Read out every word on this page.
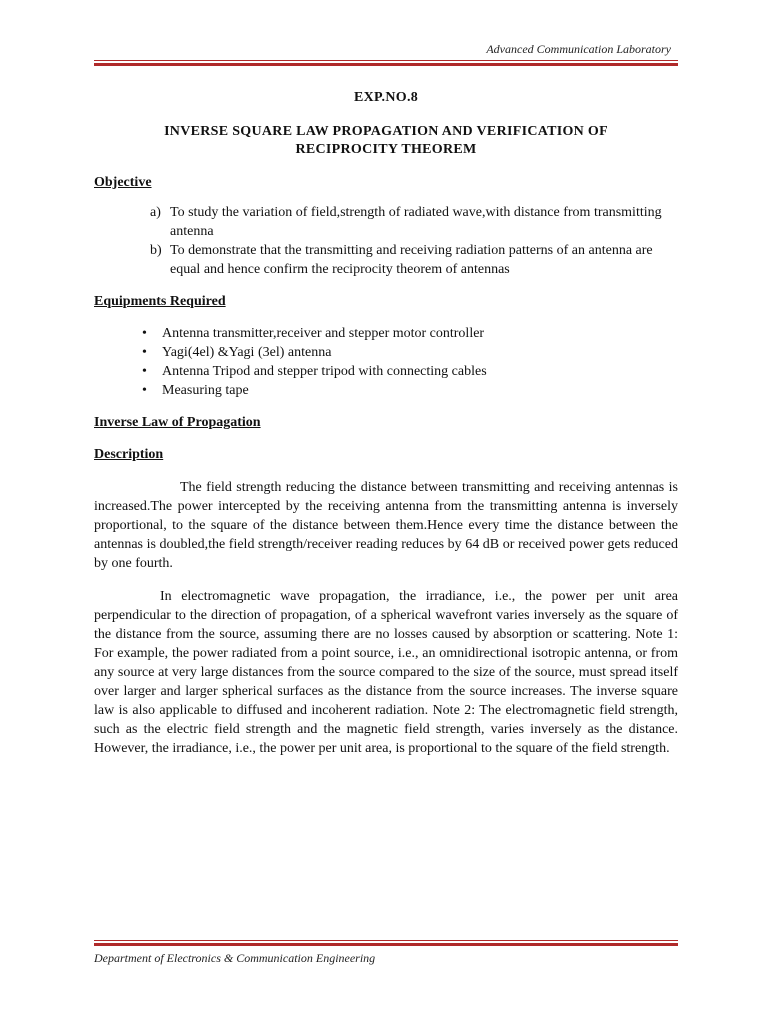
Advanced Communication Laboratory
EXP.NO.8
INVERSE SQUARE LAW PROPAGATION AND VERIFICATION OF
RECIPROCITY THEOREM
Objective
a) To study the variation of field,strength of radiated wave,with distance from transmitting antenna
b) To demonstrate that the transmitting and receiving radiation patterns of an antenna are equal and hence confirm the reciprocity theorem of antennas
Equipments Required
• Antenna transmitter,receiver and stepper motor controller
• Yagi(4el) &Yagi (3el) antenna
• Antenna Tripod and stepper tripod with connecting cables
• Measuring tape
Inverse Law of Propagation
Description

The field strength reducing the distance between transmitting and receiving antennas is increased.The power intercepted by the receiving antenna from the transmitting antenna is inversely proportional, to the square of the distance between them.Hence every time the distance between the antennas is doubled,the field strength/receiver reading reduces by 64 dB or received power gets reduced by one fourth.

In electromagnetic wave propagation, the irradiance, i.e., the power per unit area perpendicular to the direction of propagation, of a spherical wavefront varies inversely as the square of the distance from the source, assuming there are no losses caused by absorption or scattering. Note 1: For example, the power radiated from a point source, i.e., an omnidirectional isotropic antenna, or from any source at very large distances from the source compared to the size of the source, must spread itself over larger and larger spherical surfaces as the distance from the source increases. The inverse square law is also applicable to diffused and incoherent radiation. Note 2: The electromagnetic field strength, such as the electric field strength and the magnetic field strength, varies inversely as the distance. However, the irradiance, i.e., the power per unit area, is proportional to the square of the field strength.

Department of Electronics & Communication Engineering
